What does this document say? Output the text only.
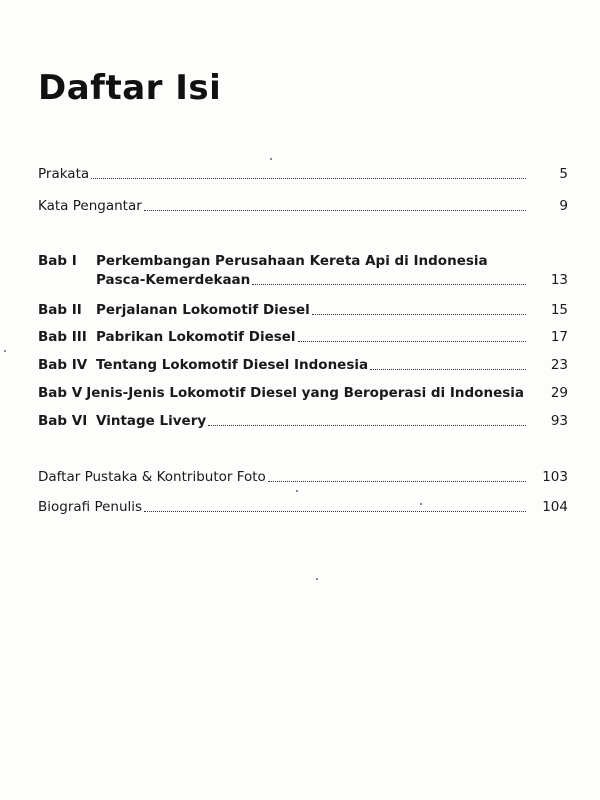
Daftar Isi
Prakata	5
Kata Pengantar	9
Bab I Perkembangan Perusahaan Kereta Api di Indonesia
Pasca-Kemerdekaan	13
Bab II	Perjalanan Lokomotif Diesel	15
Bab III Pabrikan Lokomotif Diesel	17
Bab IV Tentang Lokomotif Diesel Indonesia	23
Bab V Jenis-Jenis Lokomotif Diesel yang Beroperasi di Indonesia	29
Bab VI Vintage Livery	93
Daftar Pustaka & Kontributor Foto	103
Biografi Penulis	104
